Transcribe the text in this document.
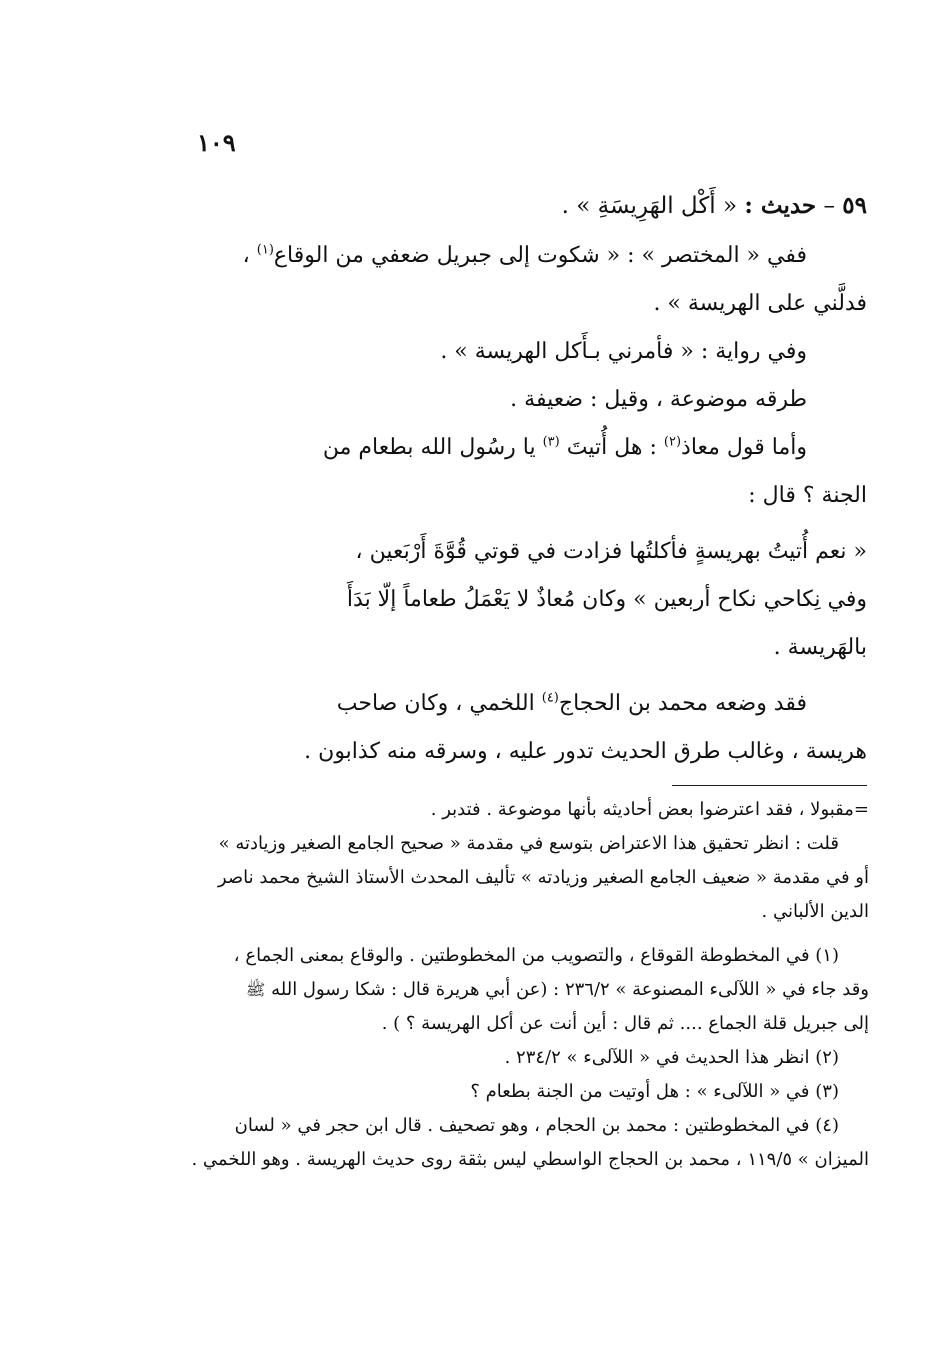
١٠٩
٥٩ – حديث : « أَكْل الهَرِيسَةِ » .
ففي « المختصر » : « شكوت إلى جبريل ضعفي من الوقاع$^{(١)}$ ،
فدلَّني على الهريسة » .
وفي رواية : « فأمرني بـأَكل الهريسة » .
طرقه موضوعة ، وقيل : ضعيفة .
وأما قول معاذ$^{(٢)}$ : هل أُتيتَ $^{(٣)}$ يا رسُول الله بطعام من
الجنة ؟ قال :
« نعم أُتيتُ بهريسةٍ فأكلتُها فزادت في قوتي قُوَّةَ أَرْبَعين ،
وفي نِكاحي نكاح أربعين » وكان مُعاذٌ لا يَعْمَلُ طعاماً إلّا بَدَأَ
بالهَريسة .
فقد وضعه محمد بن الحجاج$^{(٤)}$ اللخمي ، وكان صاحب
هريسة ، وغالب طرق الحديث تدور عليه ، وسرقه منه كذابون .
=مقبولا ، فقد اعترضوا بعض أحاديثه بأنها موضوعة . فتدبر .
قلت : انظر تحقيق هذا الاعتراض بتوسع في مقدمة « صحيح الجامع الصغير وزيادته »
أو في مقدمة « ضعيف الجامع الصغير وزيادته » تأليف المحدث الأستاذ الشيخ محمد ناصر
الدين الألباني .
(١) في المخطوطة القوقاع ، والتصويب من المخطوطتين . والوقاع بمعنى الجماع ،
وقد جاء في « اللآلىء المصنوعة » ٢٣٦/٢ : (عن أبي هريرة قال : شكا رسول الله ﷺ
إلى جبريل قلة الجماع .... ثم قال : أين أنت عن أكل الهريسة ؟ ) .
(٢) انظر هذا الحديث في « اللآلىء » ٢٣٤/٢ .
(٣) في « اللآلىء » : هل أوتيت من الجنة بطعام ؟
(٤) في المخطوطتين : محمد بن الحجام ، وهو تصحيف . قال ابن حجر في « لسان
الميزان » ١١٩/٥ ، محمد بن الحجاج الواسطي ليس بثقة روى حديث الهريسة . وهو اللخمي .
